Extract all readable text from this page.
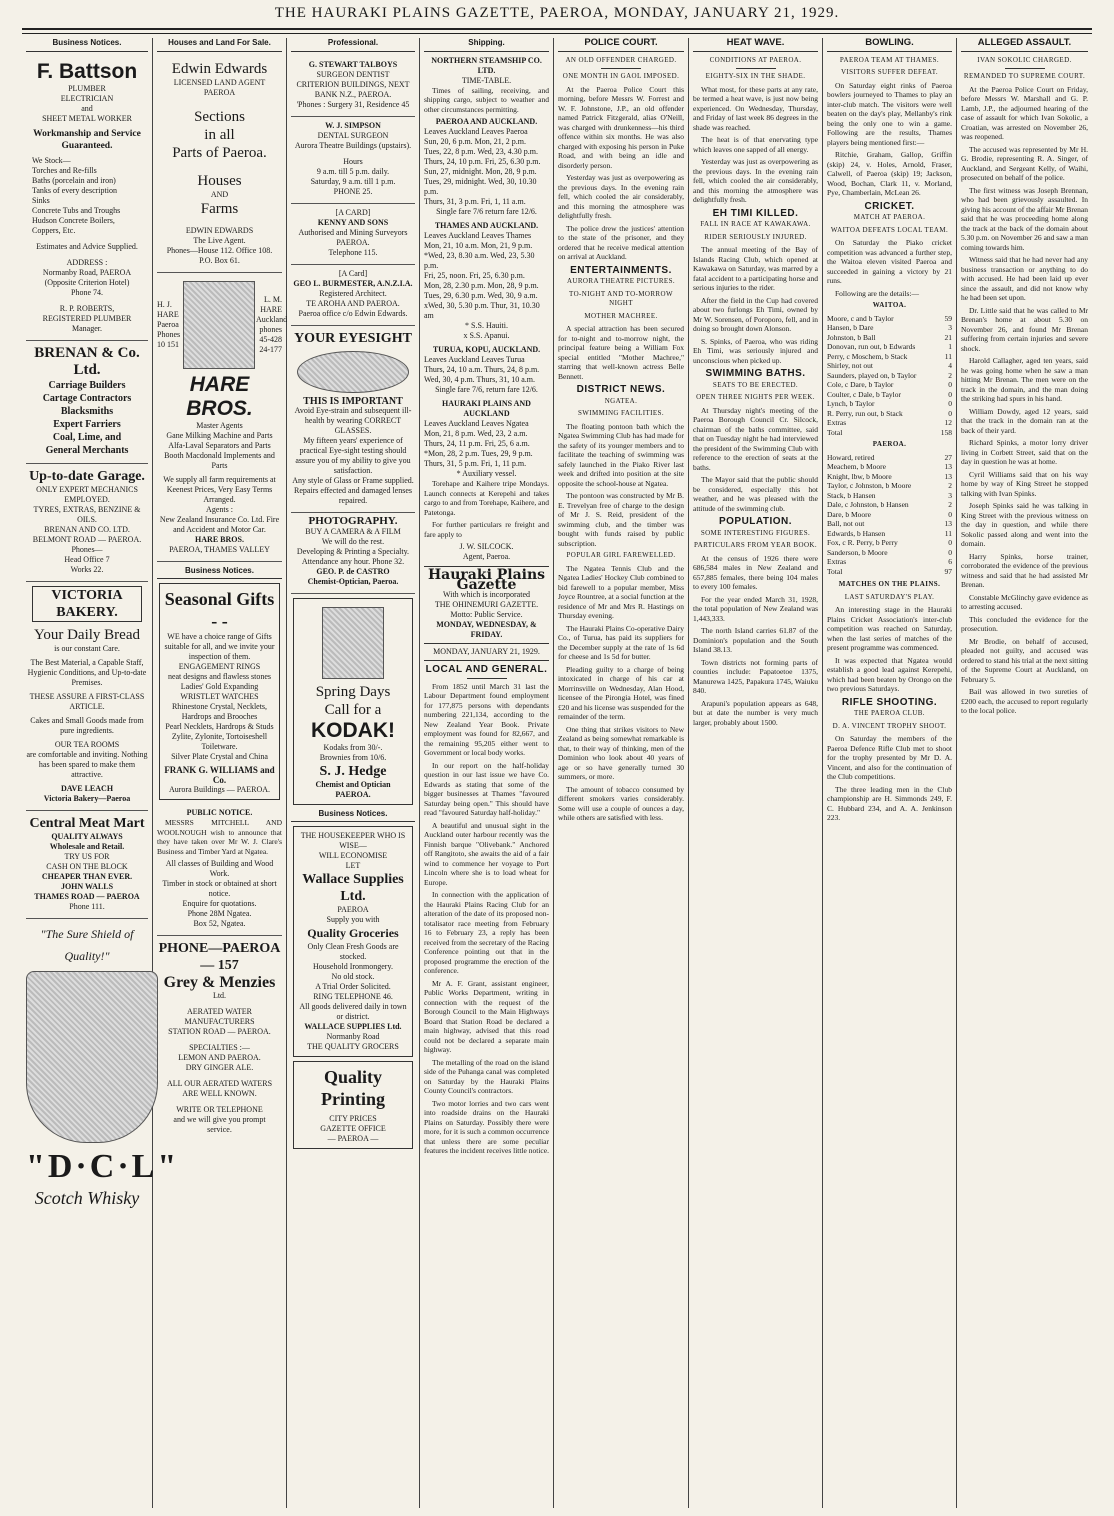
THE HAURAKI PLAINS GAZETTE, PAEROA, MONDAY, JANUARY 21, 1929.
Business Notices.
F. Battson
PLUMBER
ELECTRICIAN
and
SHEET METAL WORKER
Workmanship and Service Guaranteed.
We Stock—
Torches and Re-fills
Baths (porcelain and iron)
Tanks of every description
Sinks
Concrete Tubs and Troughs
Hudson Concrete Boilers,
Coppers, Etc.
Estimates and Advice Supplied.
ADDRESS :
Normanby Road, PAEROA
(Opposite Criterion Hotel)
Phone 74.
R. P. ROBERTS,
REGISTERED PLUMBER
Manager.
BRENAN & Co. Ltd.
Carriage Builders
Cartage Contractors
Blacksmiths
Expert Farriers
Coal, Lime, and
General Merchants
Up-to-date Garage.
ONLY EXPERT MECHANICS EMPLOYED.
TYRES, EXTRAS, BENZINE & OILS.
BRENAN AND CO. LTD.
BELMONT ROAD — PAEROA.
Phones—
Head Office 7
Works 22.
VICTORIA BAKERY.
Your Daily Bread
is our constant Care.
The Best Material, a Capable Staff, Hygienic Conditions, and Up-to-date Premises.
THESE ASSURE A FIRST-CLASS ARTICLE.
Cakes and Small Goods made from pure ingredients.
OUR TEA ROOMS
are comfortable and inviting. Nothing has been spared to make them attractive.
DAVE LEACH
Victoria Bakery—Paeroa
Central Meat Mart
QUALITY ALWAYS
Wholesale and Retail.
TRY US FOR
CASH ON THE BLOCK
CHEAPER THAN EVER.
JOHN WALLS
THAMES ROAD — PAEROA
Phone 111.
"The Sure Shield of Quality!"
"D·C·L"
Scotch Whisky
Houses and Land For Sale.
Edwin Edwards
LICENSED LAND AGENT
PAEROA
Sections
in all
Parts of Paeroa.
Houses
AND
Farms
EDWIN EDWARDS
The Live Agent.
Phones—House 112. Office 108.
P.O. Box 61.
H. J. HARE Paeroa Phones 10 151
L. M. HARE Auckland phones 45-428 24-177
HARE BROS.
Master Agents
Gane Milking Machine and Parts
Alfa-Laval Separators and Parts
Booth Macdonald Implements and Parts
We supply all farm requirements at Keenest Prices, Very Easy Terms Arranged.
Agents :
New Zealand Insurance Co. Ltd. Fire and Accident and Motor Car.
HARE BROS.
PAEROA, THAMES VALLEY
Business Notices.
Seasonal Gifts - -
WE have a choice range of Gifts suitable for all, and we invite your inspection of them.
ENGAGEMENT RINGS
neat designs and flawless stones
Ladies' Gold Expanding WRISTLET WATCHES
Rhinestone Crystal, Necklets, Hardrops and Brooches
Pearl Necklets, Hardrops & Studs
Zylite, Zylonite, Tortoiseshell Toiletware.
Silver Plate Crystal and China
FRANK G. WILLIAMS and Co.
Aurora Buildings — PAEROA.
PUBLIC NOTICE.

MESSRS MITCHELL AND WOOLNOUGH wish to announce that they have taken over Mr W. J. Clare's Business and Timber Yard at Ngatea.

All classes of Building and Wood Work.
Timber in stock or obtained at short notice.
Enquire for quotations.
Phone 28M Ngatea.
Box 52, Ngatea.
PHONE—PAEROA — 157
Grey & Menzies
Ltd.
AERATED WATER
MANUFACTURERS
STATION ROAD — PAEROA.
SPECIALTIES :—
LEMON AND PAEROA.
DRY GINGER ALE.
ALL OUR AERATED WATERS
ARE WELL KNOWN.
WRITE OR TELEPHONE
and we will give you prompt
service.
Professional.
G. STEWART TALBOYS
SURGEON DENTIST
CRITERION BUILDINGS, NEXT BANK N.Z., PAEROA.
'Phones : Surgery 31, Residence 45
W. J. SIMPSON
DENTAL SURGEON
Aurora Theatre Buildings (upstairs).
Hours
9 a.m. till 5 p.m. daily.
Saturday, 9 a.m. till 1 p.m.
PHONE 25.
[A CARD]
KENNY AND SONS
Authorised and Mining Surveyors
PAEROA.
Telephone 115.
[A Card]
GEO L. BURMESTER, A.N.Z.I.A.
Registered Architect.
TE AROHA AND PAEROA.
Paeroa office c/o Edwin Edwards.
YOUR EYESIGHT
THIS IS IMPORTANT
Avoid Eye-strain and subsequent ill-health by wearing CORRECT GLASSES.
My fifteen years' experience of practical Eye-sight testing should assure you of my ability to give you satisfaction.
Any style of Glass or Frame supplied.
Repairs effected and damaged lenses repaired.
PHOTOGRAPHY.
BUY A CAMERA & A FILM
We will do the rest.
Developing & Printing a Specialty.
Attendance any hour. Phone 32.
GEO. P. de CASTRO
Chemist-Optician, Paeroa.
Spring Days
Call for a
KODAK!
Kodaks from 30/-.
Brownies from 10/6.
S. J. Hedge
Chemist and Optician PAEROA.
Business Notices.
THE HOUSEKEEPER WHO IS WISE—
WILL ECONOMISE
LET
Wallace Supplies Ltd.
PAEROA
Supply you with
Quality Groceries
Only Clean Fresh Goods are stocked.
Household Ironmongery.
No old stock.
A Trial Order Solicited.
RING TELEPHONE 46.
All goods delivered daily in town or district.
WALLACE SUPPLIES Ltd.
Normanby Road
THE QUALITY GROCERS
Quality Printing
CITY PRICES
GAZETTE OFFICE
— PAEROA —
Shipping.
NORTHERN STEAMSHIP CO. LTD.
TIME-TABLE.

Times of sailing, receiving, and shipping cargo, subject to weather and other circumstances permitting.

PAEROA AND AUCKLAND.
Leaves Auckland Leaves Paeroa
Sun, 20, 6 p.m. Mon, 21, 2 p.m.
Tues, 22, 8 p.m. Wed, 23, 4.30 p.m.
Thurs, 24, 10 p.m. Fri, 25, 6.30 p.m.
Sun, 27, midnight. Mon, 28, 9 p.m.
Tues, 29, midnight. Wed, 30, 10.30 p.m.
Thurs, 31, 3 p.m. Fri, 1, 11 a.m.
Single fare 7/6 return fare 12/6.
THAMES AND AUCKLAND.
Leaves Auckland Leaves Thames
Mon, 21, 10 a.m. Mon, 21, 9 p.m.
*Wed, 23, 8.30 a.m. Wed, 23, 5.30 p.m.
Fri, 25, noon. Fri, 25, 6.30 p.m.
Mon, 28, 2.30 p.m. Mon, 28, 9 p.m.
Tues, 29, 6.30 p.m. Wed, 30, 9 a.m.
xWed, 30, 5.30 p.m. Thur, 31, 10.30 am
* S.S. Hauiti.
x S.S. Apanui.
TURUA, KOPU, AUCKLAND.
Leaves Auckland Leaves Turua
Thurs, 24, 10 a.m. Thurs, 24, 8 p.m.
Wed, 30, 4 p.m. Thurs, 31, 10 a.m.
Single fare 7/6, return fare 12/6.
HAURAKI PLAINS AND AUCKLAND
Leaves Auckland Leaves Ngatea
Mon, 21, 8 p.m. Wed, 23, 2 a.m.
Thurs, 24, 11 p.m. Fri, 25, 6 a.m.
*Mon, 28, 2 p.m. Tues, 29, 9 p.m.
Thurs, 31, 5 p.m. Fri, 1, 11 p.m.
* Auxiliary vessel.

Torehape and Kaihere tripe Mondays. Launch connects at Kerepehi and takes cargo to and from Torehape, Kaihere, and Patetonga.

For further particulars re freight and fare apply to

J. W. SILCOCK.
Agent, Paeroa.
Hauraki Plains Gazette
With which is incorporated
THE OHINEMURI GAZETTE.
Motto: Public Service.
MONDAY, WEDNESDAY, & FRIDAY.
MONDAY, JANUARY 21, 1929.
LOCAL AND GENERAL.

From 1852 until March 31 last the Labour Department found employment for 177,875 persons with dependants numbering 221,134, according to the New Zealand Year Book. Private employment was found for 82,667, and the remaining 95,205 either went to Government or local body works.

In our report on the half-holiday question in our last issue we have Co. Edwards as stating that some of the bigger businesses at Thames "favoured Saturday being open." This should have read "favoured Saturday half-holiday."

A beautiful and unusual sight in the Auckland outer harbour recently was the Finnish barque "Olivebank." Anchored off Rangitoto, she awaits the aid of a fair wind to commence her voyage to Port Lincoln where she is to load wheat for Europe.

In connection with the application of the Hauraki Plains Racing Club for an alteration of the date of its proposed non-totalisator race meeting from February 16 to February 23, a reply has been received from the secretary of the Racing Conference pointing out that in the proposed programme the erection of the conference.

Mr A. F. Grant, assistant engineer, Public Works Department, writing in connection with the request of the Borough Council to the Main Highways Board that Station Road be declared a main highway, advised that this road could not be declared a separate main highway.

The metalling of the road on the island side of the Puhanga canal was completed on Saturday by the Hauraki Plains County Council's contractors.

Two motor lorries and two cars went into roadside drains on the Hauraki Plains on Saturday. Possibly there were more, for it is such a common occurrence that unless there are some peculiar features the incident receives little notice.

POLICE COURT.
AN OLD OFFENDER CHARGED.
ONE MONTH IN GAOL IMPOSED.

At the Paeroa Police Court this morning, before Messrs W. Forrest and W. F. Johnstone, J.P., an old offender named Patrick Fitzgerald, alias O'Neill, was charged with drunkenness—his third offence within six months. He was also charged with exposing his person in Puke Road, and with being an idle and disorderly person.

Yesterday was just as overpowering as the previous days. In the evening rain fell, which cooled the air considerably, and this morning the atmosphere was delightfully fresh.

The police drew the justices' attention to the state of the prisoner, and they ordered that he receive medical attention on arrival at Auckland.

ENTERTAINMENTS.
AURORA THEATRE PICTURES.
TO-NIGHT AND TO-MORROW NIGHT
MOTHER MACHREE.

A special attraction has been secured for to-night and to-morrow night, the principal feature being a William Fox special entitled "Mother Machree," starring that well-known actress Belle Bennett.

DISTRICT NEWS.
NGATEA.
SWIMMING FACILITIES.

The floating pontoon bath which the Ngatea Swimming Club has had made for the safety of its younger members and to facilitate the teaching of swimming was safely launched in the Piako River last week and drifted into position at the site opposite the school-house at Ngatea.

The pontoon was constructed by Mr B. E. Trevelyan free of charge to the design of Mr J. S. Reid, president of the swimming club, and the timber was bought with funds raised by public subscription.

POPULAR GIRL FAREWELLED.

The Ngatea Tennis Club and the Ngatea Ladies' Hockey Club combined to bid farewell to a popular member, Miss Joyce Rountree, at a social function at the residence of Mr and Mrs R. Hastings on Thursday evening.

The Hauraki Plains Co-operative Dairy Co., of Turua, has paid its suppliers for the December supply at the rate of 1s 6d for cheese and 1s 5d for butter.

Pleading guilty to a charge of being intoxicated in charge of his car at Morrinsville on Wednesday, Alan Hood, licensee of the Pirongia Hotel, was fined £20 and his license was suspended for the remainder of the term.

One thing that strikes visitors to New Zealand as being somewhat remarkable is that, to their way of thinking, men of the Dominion who look about 40 years of age or so have generally turned 30 summers, or more.

The amount of tobacco consumed by different smokers varies considerably. Some will use a couple of ounces a day, while others are satisfied with less.

HEAT WAVE.
CONDITIONS AT PAEROA.
EIGHTY-SIX IN THE SHADE.

What most, for these parts at any rate, be termed a heat wave, is just now being experienced. On Wednesday, Thursday, and Friday of last week 86 degrees in the shade was reached.

The heat is of that enervating type which leaves one sapped of all energy.

Yesterday was just as overpowering as the previous days. In the evening rain fell, which cooled the air considerably, and this morning the atmosphere was delightfully fresh.

EH TIMI KILLED.
FALL IN RACE AT KAWAKAWA.
RIDER SERIOUSLY INJURED.

The annual meeting of the Bay of Islands Racing Club, which opened at Kawakawa on Saturday, was marred by a fatal accident to a participating horse and serious injuries to the rider.

After the field in the Cup had covered about two furlongs Eh Timi, owned by Mr W. Sorensen, of Poroporo, fell, and in doing so brought down Alonson.

S. Spinks, of Paeroa, who was riding Eh Timi, was seriously injured and unconscious when picked up.

SWIMMING BATHS.
SEATS TO BE ERECTED.
OPEN THREE NIGHTS PER WEEK.

At Thursday night's meeting of the Paeroa Borough Council Cr. Silcock, chairman of the baths committee, said that on Tuesday night he had interviewed the president of the Swimming Club with reference to the erection of seats at the baths.

The Mayor said that the public should be considered, especially this hot weather, and he was pleased with the attitude of the swimming club.

POPULATION.
SOME INTERESTING FIGURES.
PARTICULARS FROM YEAR BOOK.

At the census of 1926 there were 686,584 males in New Zealand and 657,885 females, there being 104 males to every 100 females.

For the year ended March 31, 1928, the total population of New Zealand was 1,443,333.

The north Island carries 61.87 of the Dominion's population and the South Island 38.13.

Town districts not forming parts of counties include: Papatoetoe 1375, Manurewa 1425, Papakura 1745, Waiuku 840.

Arapuni's population appears as 648, but at date the number is very much larger, probably about 1500.

BOWLING.
PAEROA TEAM AT THAMES.
VISITORS SUFFER DEFEAT.

On Saturday eight rinks of Paeroa bowlers journeyed to Thames to play an inter-club match. The visitors were well beaten on the day's play, Mellanby's rink being the only one to win a game. Following are the results, Thames players being mentioned first:—

Ritchie, Graham, Gallop, Griffin (skip) 24, v. Holes, Arnold, Fraser, Calwell, of Paeroa (skip) 19; Jackson, Wood, Bochan, Clark 11, v. Morland, Pye, Chamberlain, McLean 26.

CRICKET.
MATCH AT PAEROA.
WAITOA DEFEATS LOCAL TEAM.

On Saturday the Piako cricket competition was advanced a further step, the Waitoa eleven visited Paeroa and succeeded in gaining a victory by 21 runs.

Following are the details:—

WAITOA.
Moore, c and b Taylor	59
Hansen, b Dare	3
Johnston, b Ball	21
Donovan, run out, b Edwards	1
Perry, c Moschem, b Stack	11
Shirley, not out	4
Saunders, played on, b Taylor	2
Cole, c Dare, b Taylor	0
Coulter, c Dale, b Taylor	0
Lynch, b Taylor	0
R. Perry, run out, b Stack	0
Extras	12
Total	158
PAEROA.
Howard, retired	27
Meachem, b Moore	13
Knight, lbw, b Moore	13
Taylor, c Johnston, b Moore	2
Stack, b Hansen	3
Dale, c Johnston, b Hansen	2
Dare, b Moore	0
Ball, not out	13
Edwards, b Hansen	11
Fox, c R. Perry, b Perry	0
Sanderson, b Moore	0
Extras	6
Total	97
MATCHES ON THE PLAINS.
LAST SATURDAY'S PLAY.

An interesting stage in the Hauraki Plains Cricket Association's inter-club competition was reached on Saturday, when the last series of matches of the present programme was commenced.

It was expected that Ngatea would establish a good lead against Kerepehi, which had been beaten by Orongo on the two previous Saturdays.

RIFLE SHOOTING.
THE PAEROA CLUB.
D. A. VINCENT TROPHY SHOOT.

On Saturday the members of the Paeroa Defence Rifle Club met to shoot for the trophy presented by Mr D. A. Vincent, and also for the continuation of the Club competitions.

The three leading men in the Club championship are H. Simmonds 249, F. C. Hubbard 234, and A. A. Jenkinson 223.

ALLEGED ASSAULT.
IVAN SOKOLIC CHARGED.
REMANDED TO SUPREME COURT.

At the Paeroa Police Court on Friday, before Messrs W. Marshall and G. P. Lamb, J.P., the adjourned hearing of the case of assault for which Ivan Sokolic, a Croatian, was arrested on November 26, was reopened.

The accused was represented by Mr H. G. Brodie, representing R. A. Singer, of Auckland, and Sergeant Kelly, of Waihi, prosecuted on behalf of the police.

The first witness was Joseph Brennan, who had been grievously assaulted. In giving his account of the affair Mr Brenan said that he was proceeding home along the track at the back of the domain about 5.30 p.m. on November 26 and saw a man coming towards him.

Witness said that he had never had any business transaction or anything to do with accused. He had been laid up ever since the assault, and did not know why he had been set upon.

Dr. Little said that he was called to Mr Brenan's home at about 5.30 on November 26, and found Mr Brenan suffering from certain injuries and severe shock.

Harold Callagher, aged ten years, said he was going home when he saw a man hitting Mr Brenan. The men were on the track in the domain, and the man doing the striking had spurs in his hand.

William Dowdy, aged 12 years, said that the track in the domain ran at the back of their yard.

Richard Spinks, a motor lorry driver living in Corbett Street, said that on the day in question he was at home.

Cyril Williams said that on his way home by way of King Street he stopped talking with Ivan Spinks.

Joseph Spinks said he was talking in King Street with the previous witness on the day in question, and while there Sokolic passed along and went into the domain.

Harry Spinks, horse trainer, corroborated the evidence of the previous witness and said that he had assisted Mr Brenan.

Constable McGlinchy gave evidence as to arresting accused.

This concluded the evidence for the prosecution.

Mr Brodie, on behalf of accused, pleaded not guilty, and accused was ordered to stand his trial at the next sitting of the Supreme Court at Auckland, on February 5.

Bail was allowed in two sureties of £200 each, the accused to report regularly to the local police.
